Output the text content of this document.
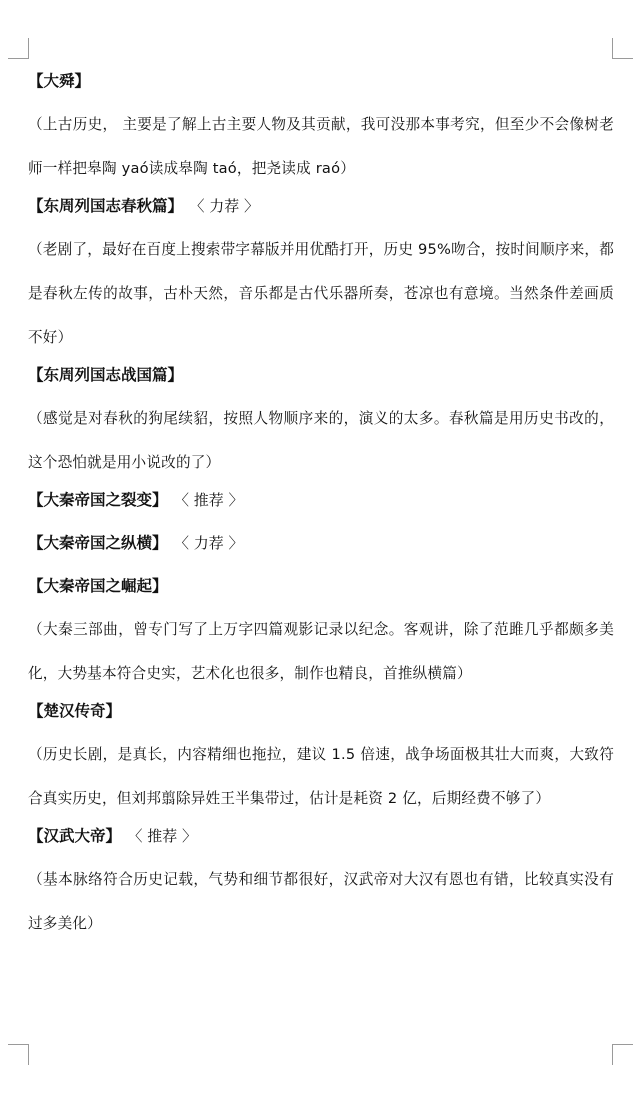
【大舜】
（上古历史， 主要是了解上古主要人物及其贡献，我可没那本事考究，但至少不会像树老师一样把皋陶 yaó读成皋陶 taó，把尧读成 raó）
【东周列国志春秋篇】 〈 力荐 〉
（老剧了，最好在百度上搜索带字幕版并用优酷打开，历史 95%吻合，按时间顺序来，都是春秋左传的故事，古朴天然，音乐都是古代乐器所奏，苍凉也有意境。当然条件差画质不好）
【东周列国志战国篇】
（感觉是对春秋的狗尾续貂，按照人物顺序来的，演义的太多。春秋篇是用历史书改的，这个恐怕就是用小说改的了）
【大秦帝国之裂变】 〈 推荐 〉
【大秦帝国之纵横】 〈 力荐 〉
【大秦帝国之崛起】
（大秦三部曲，曾专门写了上万字四篇观影记录以纪念。客观讲，除了范雎几乎都颇多美化，大势基本符合史实，艺术化也很多，制作也精良，首推纵横篇）
【楚汉传奇】
（历史长剧，是真长，内容精细也拖拉，建议 1.5 倍速，战争场面极其壮大而爽，大致符合真实历史，但刘邦翦除异姓王半集带过，估计是耗资 2 亿，后期经费不够了）
【汉武大帝】 〈 推荐 〉
（基本脉络符合历史记载，气势和细节都很好，汉武帝对大汉有恩也有错，比较真实没有过多美化）
